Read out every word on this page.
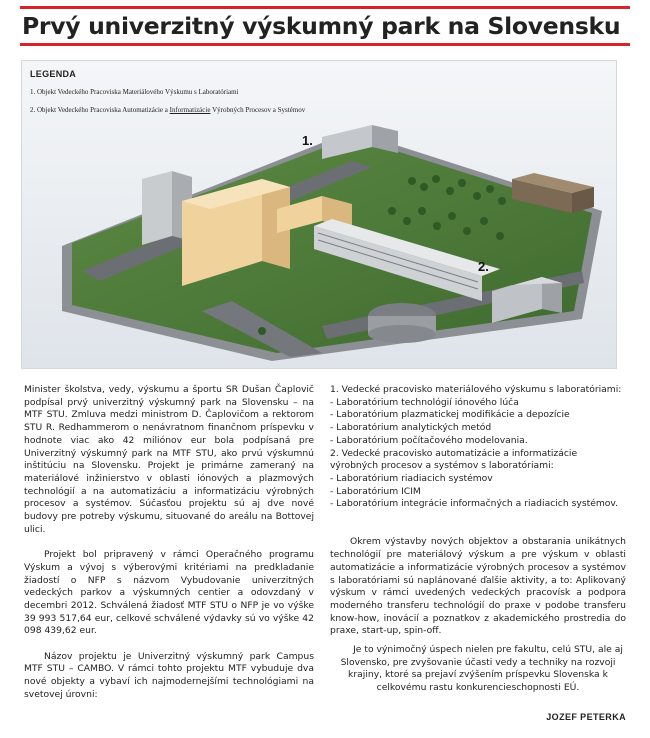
Prvý univerzitný výskumný park na Slovensku
LEGENDA
1. Objekt Vedeckého Pracoviska Materiálového Výskumu s Laboratóriami
2. Objekt Vedeckého Pracoviska Automatizácie a Informatizácie Výrobných Procesov a Systémov
1.
2.

Minister školstva, vedy, výskumu a športu SR Dušan Čaplovič podpísal prvý univerzitný výskumný park na Slovensku – na MTF STU. Zmluva medzi ministrom D. Čaplovičom a rektorom STU R. Redhammerom o nenávratnom finančnom príspevku v hodnote viac ako 42 miliónov eur bola podpísaná pre Univerzitný výskumný park na MTF STU, ako prvú výskumnú inštitúciu na Slovensku. Projekt je primárne zameraný na materiálové inžinierstvo v oblasti iónových a plazmových technológií a na automatizáciu a informatizáciu výrobných procesov a systémov. Súčasťou projektu sú aj dve nové budovy pre potreby výskumu, situované do areálu na Bottovej ulici.

Projekt bol pripravený v rámci Operačného programu Výskum a vývoj s výberovými kritériami na predkladanie žiadostí o NFP s názvom Vybudovanie univerzitných vedeckých parkov a výskumných centier a odovzdaný v decembri 2012. Schválená žiadosť MTF STU o NFP je vo výške 39 993 517,64 eur, celkové schválené výdavky sú vo výške 42 098 439,62 eur.

Názov projektu je Univerzitný výskumný park Campus MTF STU – CAMBO. V rámci tohto projektu MTF vybuduje dva nové objekty a vybaví ich najmodernejšími technológiami na svetovej úrovni:

1. Vedecké pracovisko materiálového výskumu s laboratóriami:

- Laboratórium technológií iónového lúča

- Laboratórium plazmatickej modifikácie a depozície

- Laboratórium analytických metód

- Laboratórium počítačového modelovania.

2. Vedecké pracovisko automatizácie a informatizácie výrobných procesov a systémov s laboratóriami:

- Laboratórium riadiacich systémov

- Laboratórium ICIM

- Laboratórium integrácie informačných a riadiacich systémov.

Okrem výstavby nových objektov a obstarania unikátnych technológií pre materiálový výskum a pre výskum v oblasti automatizácie a informatizácie výrobných procesov a systémov s laboratóriami sú naplánované ďalšie aktivity, a to: Aplikovaný výskum v rámci uvedených vedeckých pracovísk a podpora moderného transferu technológií do praxe v podobe transferu know-how, inovácií a poznatkov z akademického prostredia do praxe, start-up, spin-off.

Je to výnimočný úspech nielen pre fakultu, celú STU, ale aj Slovensko, pre zvyšovanie účasti vedy a techniky na rozvoji krajiny, ktoré sa prejaví zvýšením príspevku Slovenska k celkovému rastu konkurencieschopnosti EÚ.

JOZEF PETERKA
